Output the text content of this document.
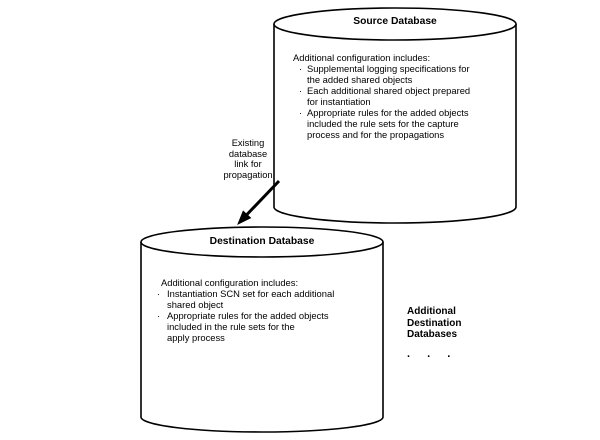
Source Database
Additional configuration includes:
· Supplemental logging specifications for
the added shared objects
· Each additional shared object prepared
for instantiation
· Appropriate rules for the added objects
included the rule sets for the capture
process and for the propagations
Existing
database
link for
propagation
Destination Database
Additional configuration includes:
· Instantiation SCN set for each additional
shared object
· Appropriate rules for the added objects
included in the rule sets for the
apply process
Additional
Destination
Databases
. . .
